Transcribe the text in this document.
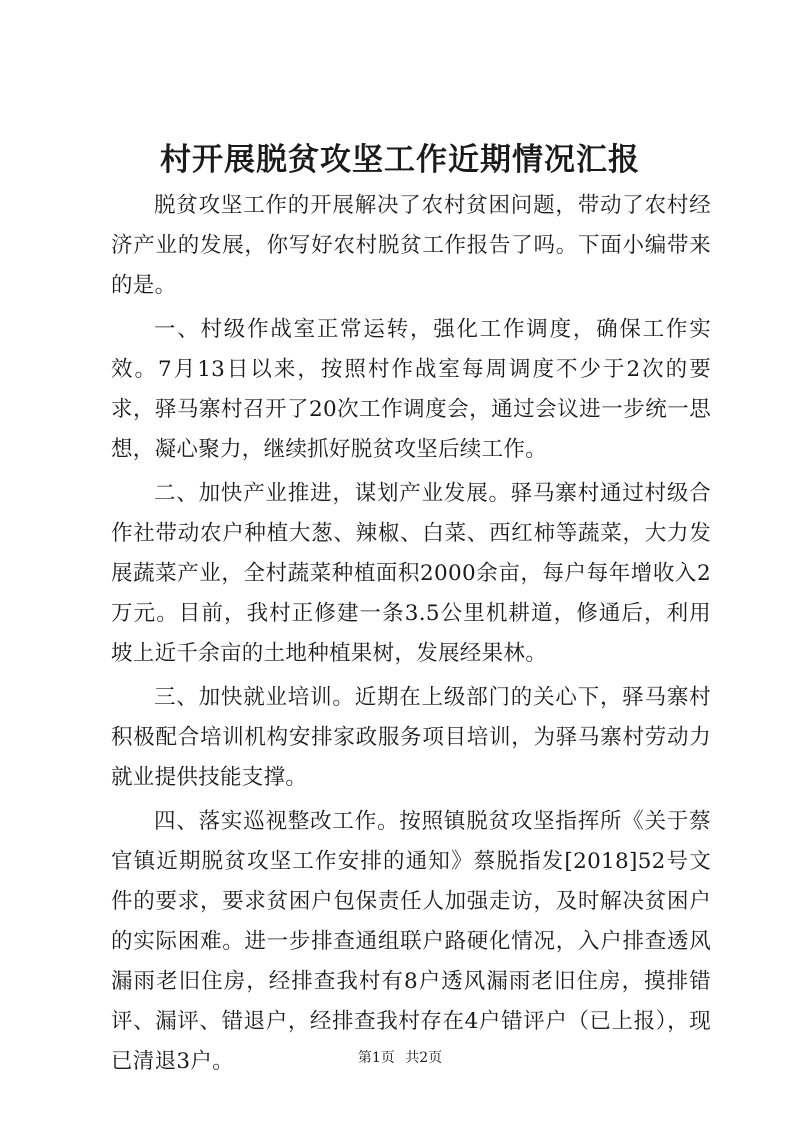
村开展脱贫攻坚工作近期情况汇报

脱贫攻坚工作的开展解决了农村贫困问题，带动了农村经济产业的发展，你写好农村脱贫工作报告了吗。下面小编带来的是。

一、村级作战室正常运转，强化工作调度，确保工作实效。7月13日以来，按照村作战室每周调度不少于2次的要求，驿马寨村召开了20次工作调度会，通过会议进一步统一思想，凝心聚力，继续抓好脱贫攻坚后续工作。

二、加快产业推进，谋划产业发展。驿马寨村通过村级合作社带动农户种植大葱、辣椒、白菜、西红柿等蔬菜，大力发展蔬菜产业，全村蔬菜种植面积2000余亩，每户每年增收入2万元。目前，我村正修建一条3.5公里机耕道，修通后，利用坡上近千余亩的土地种植果树，发展经果林。

三、加快就业培训。近期在上级部门的关心下，驿马寨村积极配合培训机构安排家政服务项目培训，为驿马寨村劳动力就业提供技能支撑。

四、落实巡视整改工作。按照镇脱贫攻坚指挥所《关于蔡官镇近期脱贫攻坚工作安排的通知》蔡脱指发[2018]52号文件的要求，要求贫困户包保责任人加强走访，及时解决贫困户的实际困难。进一步排查通组联户路硬化情况，入户排查透风漏雨老旧住房，经排查我村有8户透风漏雨老旧住房，摸排错评、漏评、错退户，经排查我村存在4户错评户（已上报），现已清退3户。	第1页 共2页
